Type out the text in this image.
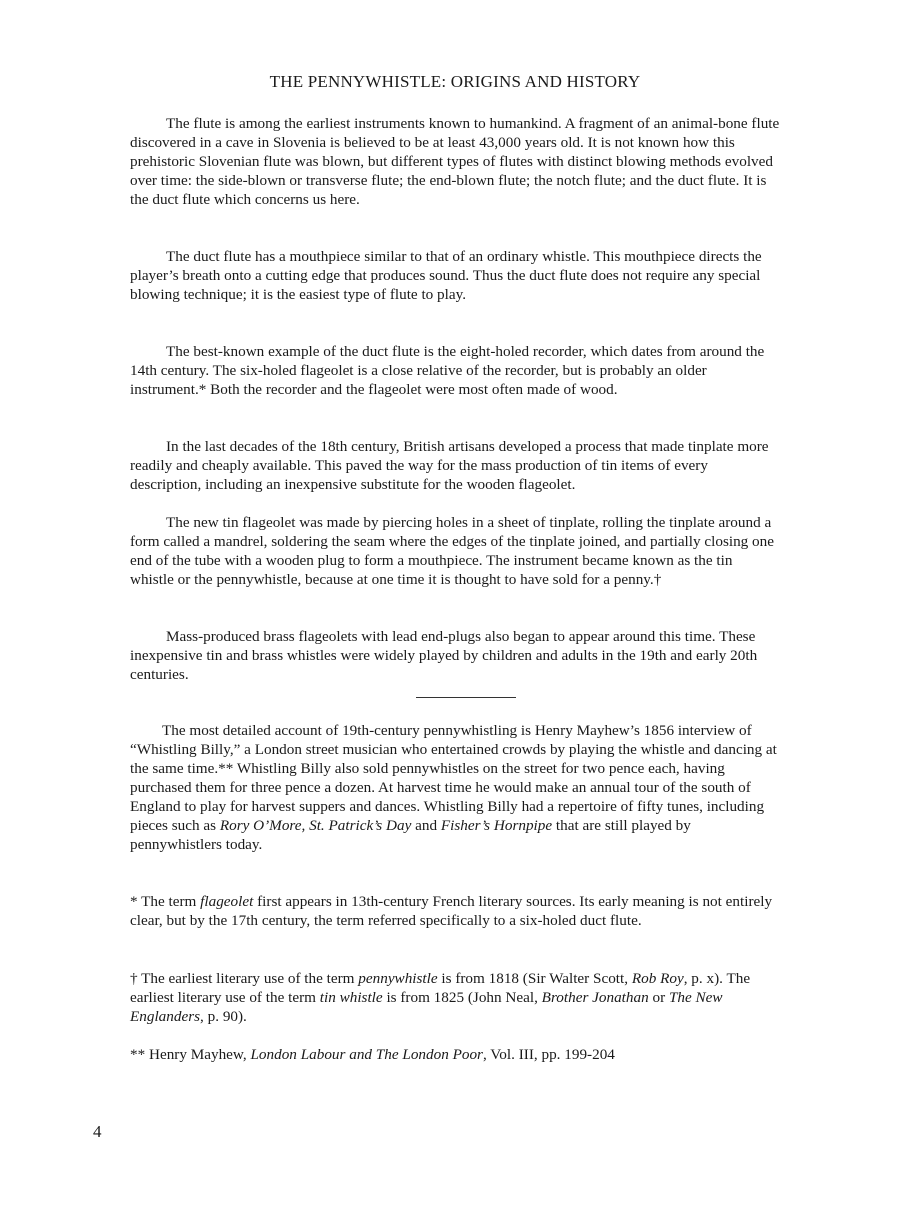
THE PENNYWHISTLE: ORIGINS AND HISTORY

The flute is among the earliest instruments known to humankind. A fragment of an animal-bone flute discovered in a cave in Slovenia is believed to be at least 43,000 years old. It is not known how this prehistoric Slovenian flute was blown, but different types of flutes with distinct blowing methods evolved over time: the side-blown or transverse flute; the end-blown flute; the notch flute; and the duct flute. It is the duct flute which concerns us here.

The duct flute has a mouthpiece similar to that of an ordinary whistle. This mouthpiece directs the player’s breath onto a cutting edge that produces sound. Thus the duct flute does not require any special blowing technique; it is the easiest type of flute to play.

The best-known example of the duct flute is the eight-holed recorder, which dates from around the 14th century. The six-holed flageolet is a close relative of the recorder, but is probably an older instrument.* Both the recorder and the flageolet were most often made of wood.

In the last decades of the 18th century, British artisans developed a process that made tinplate more readily and cheaply available. This paved the way for the mass production of tin items of every description, including an inexpensive substitute for the wooden flageolet.

The new tin flageolet was made by piercing holes in a sheet of tinplate, rolling the tinplate around a form called a mandrel, soldering the seam where the edges of the tinplate joined, and partially closing one end of the tube with a wooden plug to form a mouthpiece. The instrument became known as the tin whistle or the pennywhistle, because at one time it is thought to have sold for a penny.†

Mass-produced brass flageolets with lead end-plugs also began to appear around this time. These inexpensive tin and brass whistles were widely played by children and adults in the 19th and early 20th centuries.

The most detailed account of 19th-century pennywhistling is Henry Mayhew’s 1856 interview of “Whistling Billy,” a London street musician who entertained crowds by playing the whistle and dancing at the same time.** Whistling Billy also sold pennywhistles on the street for two pence each, having purchased them for three pence a dozen. At harvest time he would make an annual tour of the south of England to play for harvest suppers and dances. Whistling Billy had a repertoire of fifty tunes, including pieces such as Rory O’More, St. Patrick’s Day and Fisher’s Hornpipe that are still played by pennywhistlers today.

* The term flageolet first appears in 13th-century French literary sources. Its early meaning is not entirely clear, but by the 17th century, the term referred specifically to a six-holed duct flute.

† The earliest literary use of the term pennywhistle is from 1818 (Sir Walter Scott, Rob Roy, p. x). The earliest literary use of the term tin whistle is from 1825 (John Neal, Brother Jonathan or The New Englanders, p. 90).

** Henry Mayhew, London Labour and The London Poor, Vol. III, pp. 199-204

4
